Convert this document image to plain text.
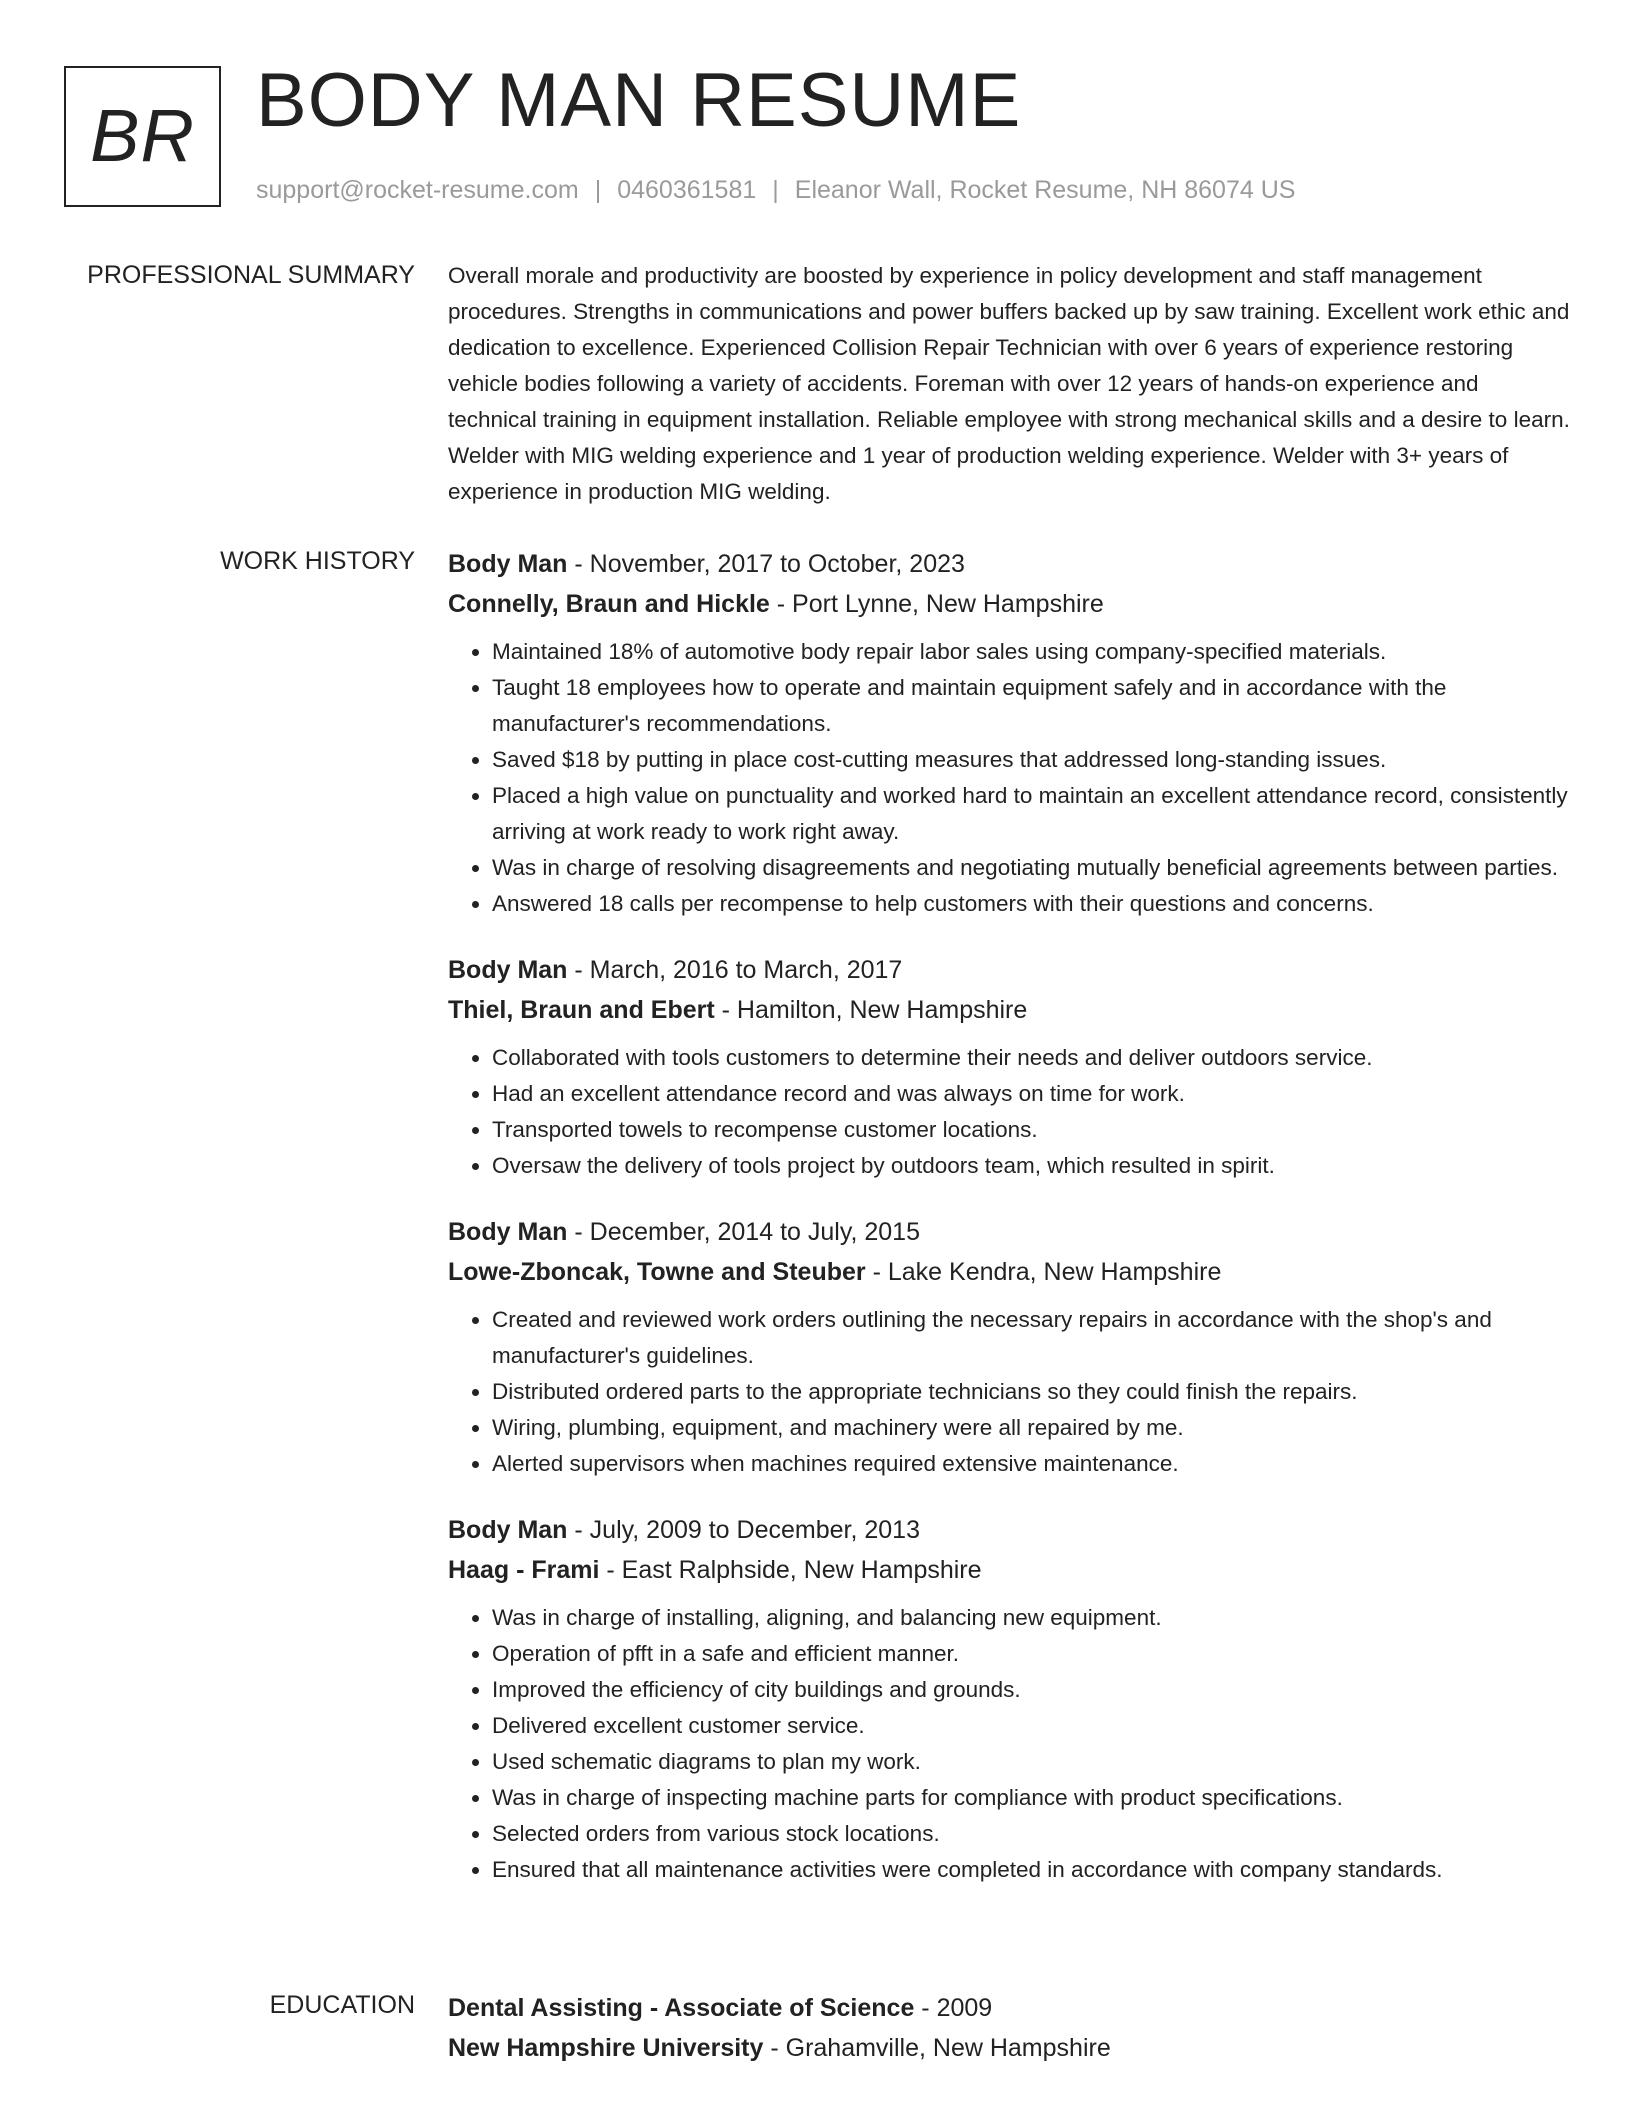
BR BODY MAN RESUME
support@rocket-resume.com | 0460361581 | Eleanor Wall, Rocket Resume, NH 86074 US
PROFESSIONAL SUMMARY Overall morale and productivity are boosted by experience in policy development and staff management procedures. Strengths in communications and power buffers backed up by saw training. Excellent work ethic and dedication to excellence. Experienced Collision Repair Technician with over 6 years of experience restoring vehicle bodies following a variety of accidents. Foreman with over 12 years of hands-on experience and technical training in equipment installation. Reliable employee with strong mechanical skills and a desire to learn. Welder with MIG welding experience and 1 year of production welding experience. Welder with 3+ years of experience in production MIG welding.

WORK HISTORY Body Man - November, 2017 to October, 2023
Connelly, Braun and Hickle - Port Lynne, New Hampshire
• Maintained 18% of automotive body repair labor sales using company-specified materials.
• Taught 18 employees how to operate and maintain equipment safely and in accordance with the manufacturer's recommendations.
• Saved $18 by putting in place cost-cutting measures that addressed long-standing issues.
• Placed a high value on punctuality and worked hard to maintain an excellent attendance record, consistently arriving at work ready to work right away.
• Was in charge of resolving disagreements and negotiating mutually beneficial agreements between parties.
• Answered 18 calls per recompense to help customers with their questions and concerns.
Body Man - March, 2016 to March, 2017
Thiel, Braun and Ebert - Hamilton, New Hampshire
• Collaborated with tools customers to determine their needs and deliver outdoors service.
• Had an excellent attendance record and was always on time for work.
• Transported towels to recompense customer locations.
• Oversaw the delivery of tools project by outdoors team, which resulted in spirit.
Body Man - December, 2014 to July, 2015
Lowe-Zboncak, Towne and Steuber - Lake Kendra, New Hampshire
• Created and reviewed work orders outlining the necessary repairs in accordance with the shop's and manufacturer's guidelines.
• Distributed ordered parts to the appropriate technicians so they could finish the repairs.
• Wiring, plumbing, equipment, and machinery were all repaired by me.
• Alerted supervisors when machines required extensive maintenance.
Body Man - July, 2009 to December, 2013
Haag - Frami - East Ralphside, New Hampshire
• Was in charge of installing, aligning, and balancing new equipment.
• Operation of pfft in a safe and efficient manner.
• Improved the efficiency of city buildings and grounds.
• Delivered excellent customer service.
• Used schematic diagrams to plan my work.
• Was in charge of inspecting machine parts for compliance with product specifications.
• Selected orders from various stock locations.
• Ensured that all maintenance activities were completed in accordance with company standards.
EDUCATION Dental Assisting - Associate of Science - 2009
New Hampshire University - Grahamville, New Hampshire
